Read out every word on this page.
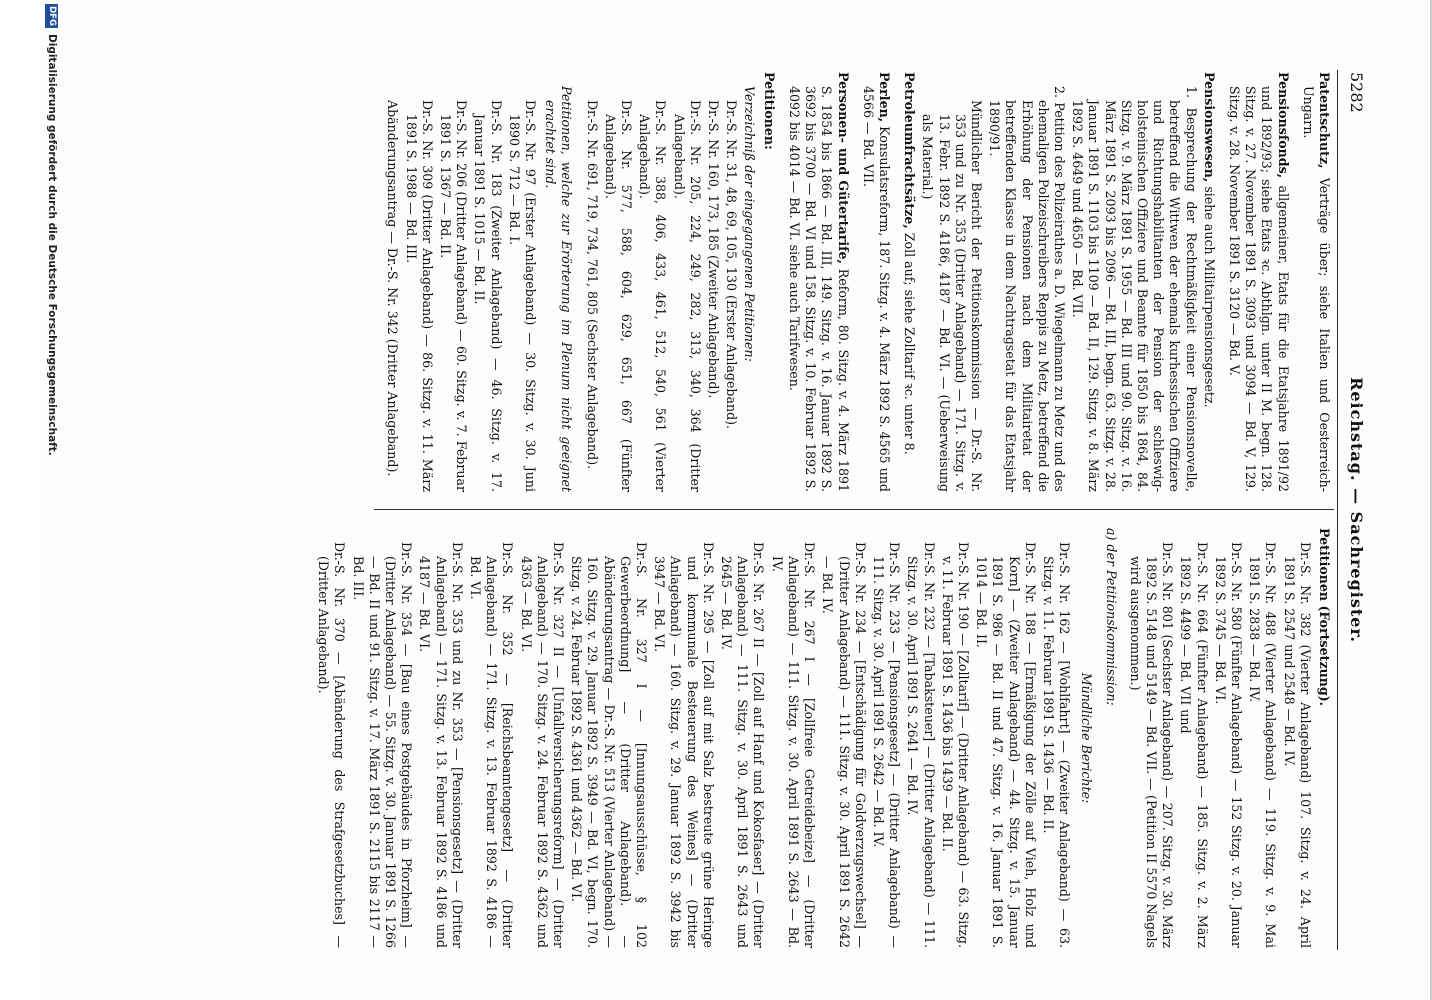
5282
Reichstag. — Sachregister.
Patentschutz, Verträge über; siehe Italien und Oesterreich-Ungarn.
Pensionsfonds, allgemeiner, Etats für die Etatsjahre 1891/92 und 1892/93; siehe Etats ꝛc. Abthlgn. unter II M. begn. 128. Sitzg. v. 27. November 1891 S. 3093 und 3094 — Bd. V, 129. Sitzg. v. 28. November 1891 S. 3120 — Bd. V.
Pensionswesen, siehe auch Militairpensionsgesetz.
1. Besprechung der Rechtmäßigkeit einer Pensionsnovelle, betreffend die Wittwen der ehemals kurhessischen Offiziere und Richtungshabilitanten der Pension der schleswig-holsteinischen Offiziere und Beamte für 1850 bis 1864, 84. Sitzg. v. 9. März 1891 S. 1955 — Bd. III und 90. Sitzg. v. 16. März 1891 S. 2093 bis 2096 — Bd. III, begn. 63. Sitzg. v. 28. Januar 1891 S. 1103 bis 1109 — Bd. II, 129. Sitzg. v. 8. März 1892 S. 4649 und 4650 — Bd. VII.
2. Petition des Polizeirathes a. D. Wiegelmann zu Metz und des ehemaligen Polizeischreibers Reppis zu Metz, betreffend die Erhöhung der Pensionen nach dem Militairetat der betreffenden Klasse in dem Nachtragsetat für das Etatsjahr 1890/91.
Mündlicher Bericht der Petitionskommission — Dr.-S. Nr. 353 und zu Nr. 353 (Dritter Anlageband) — 171. Sitzg. v. 13. Febr. 1892 S. 4186, 4187 — Bd. VI. — (Ueberweisung als Material.)
Petroleumfrachtsätze, Zoll auf; siehe Zolltarif ꝛc. unter 8.
Perlen, Konsulatsreform, 187. Sitzg. v. 4. März 1892 S. 4565 und 4566 — Bd. VII.
Personen- und Gütertarife, Reform, 80. Sitzg. v. 4. März 1891 S. 1854 bis 1866 — Bd. III, 149. Sitzg. v. 16. Januar 1892 S. 3692 bis 3700 — Bd. VI und 158. Sitzg. v. 10. Februar 1892 S. 4092 bis 4014 — Bd. VI. siehe auch Tarifwesen.
Petitionen:
Verzeichniß der eingegangenen Petitionen:
Dr.-S. Nr. 31, 48, 69, 105, 130 (Erster Anlageband).
Dr.-S. Nr. 160, 173, 185 (Zweiter Anlageband).
Dr.-S. Nr. 205, 224, 249, 282, 313, 340, 364 (Dritter Anlageband).
Dr.-S. Nr. 388, 406, 433, 461, 512, 540, 561 (Vierter Anlageband).
Dr.-S. Nr. 577, 588, 604, 629, 651, 667 (Fünfter Anlageband).
Dr.-S. Nr. 691, 719, 734, 761, 805 (Sechster Anlageband).
Petitionen, welche zur Erörterung im Plenum nicht geeignet erachtet sind.
Dr.-S. Nr. 97 (Erster Anlageband) — 30. Sitzg. v. 30. Juni 1890 S. 712 — Bd. I.
Dr.-S. Nr. 183 (Zweiter Anlageband) — 46. Sitzg. v. 17. Januar 1891 S. 1015 — Bd. II.
Dr.-S. Nr. 206 (Dritter Anlageband) — 60. Sitzg. v. 7. Februar 1891 S. 1367 — Bd. II.
Dr.-S. Nr. 309 (Dritter Anlageband) — 86. Sitzg. v. 11. März 1891 S. 1988 — Bd. III.
Abänderungsantrag — Dr.-S. Nr. 342 (Dritter Anlageband).
Petitionen (Fortsetzung).
Dr.-S. Nr. 382 (Vierter Anlageband) 107. Sitzg. v. 24. April 1891 S. 2547 und 2548 — Bd. IV.
Dr.-S. Nr. 488 (Vierter Anlageband) — 119. Sitzg. v. 9. Mai 1891 S. 2838 — Bd. IV.
Dr.-S. Nr. 580 (Fünfter Anlageband) — 152 Sitzg. v. 20. Januar 1892 S. 3745 — Bd. VI.
Dr.-S. Nr. 664 (Fünfter Anlageband) — 185. Sitzg. v. 2. März 1892 S. 4499 — Bd. VII und
Dr.-S. Nr. 801 (Sechster Anlageband) — 207. Sitzg. v. 30. März 1892 S. 5148 und 5149 — Bd. VII. — (Petition II 5570 Nagels wird ausgenommen.)
a) der Petitionskommission:
Mündliche Berichte:
Dr.-S. Nr. 162 — [Wohlfahrt] — (Zweiter Anlageband) — 63. Sitzg. v. 11. Februar 1891 S. 1436 — Bd. II.
Dr.-S. Nr. 188 — [Ermäßigung der Zölle auf Vieh, Holz und Korn] — (Zweiter Anlageband) — 44. Sitzg. v. 15. Januar 1891 S. 986 — Bd. II und 47. Sitzg. v. 16. Januar 1891 S. 1014 — Bd. II.
Dr.-S. Nr. 190 — [Zolltarif] — (Dritter Anlageband) — 63. Sitzg. v. 11. Februar 1891 S. 1436 bis 1439 — Bd. II.
Dr.-S. Nr. 232 — [Tabaksteuer] — (Dritter Anlageband) — 111. Sitzg. v. 30. April 1891 S. 2641 — Bd. IV.
Dr.-S. Nr. 233 — [Pensionsgesetz] — (Dritter Anlageband) — 111. Sitzg. v. 30. April 1891 S. 2642 — Bd. IV.
Dr.-S. Nr. 234 — [Entschädigung für Goldverzugswechsel] — (Dritter Anlageband) — 111. Sitzg. v. 30. April 1891 S. 2642 — Bd. IV.
Dr.-S. Nr. 267 I — [Zollfreie Getreidebeize] — (Dritter Anlageband) — 111. Sitzg. v. 30. April 1891 S. 2643 — Bd. IV.
Dr.-S. Nr. 267 II — [Zoll auf Hanf und Kokosfaser] — (Dritter Anlageband) — 111. Sitzg. v. 30. April 1891 S. 2643 und 2645 — Bd. IV.
Dr.-S. Nr. 295 — [Zoll auf mit Salz bestreute grüne Heringe und kommunale Besteuerung des Weines] — (Dritter Anlageband) — 160. Sitzg. v. 29. Januar 1892 S. 3942 bis 3947 — Bd. VI.
Dr.-S. Nr. 327 I — [Innungsausschüsse, § 102 Gewerbeordnung] — (Dritter Anlageband). — Abänderungsantrag — Dr.-S. Nr. 513 (Vierter Anlageband) — 160. Sitzg. v. 29. Januar 1892 S. 3949 — Bd. VI, begn. 170. Sitzg. v. 24. Februar 1892 S. 4361 und 4362 — Bd. VI.
Dr.-S. Nr. 327 II — [Unfallversicherungsreform] — (Dritter Anlageband) — 170. Sitzg. v. 24. Februar 1892 S. 4362 und 4363 — Bd. VI.
Dr.-S. Nr. 352 — [Reichsbeamtengesetz] — (Dritter Anlageband) — 171. Sitzg. v. 13. Februar 1892 S. 4186 — Bd. VI.
Dr.-S. Nr. 353 und zu Nr. 353 — [Pensionsgesetz] — (Dritter Anlageband) — 171. Sitzg. v. 13. Februar 1892 S. 4186 und 4187 — Bd. VI.
Dr.-S. Nr. 354 — [Bau eines Postgebäudes in Pforzheim] — (Dritter Anlageband) — 55. Sitzg. v. 30. Januar 1891 S. 1266 — Bd. II und 91. Sitzg. v. 17. März 1891 S. 2115 bis 2117 — Bd. III.
Dr.-S. Nr. 370 — [Abänderung des Strafgesetzbuches] — (Dritter Anlageband).
DFG
Digitalisierung gefördert durch die Deutsche Forschungsgemeinschaft.
